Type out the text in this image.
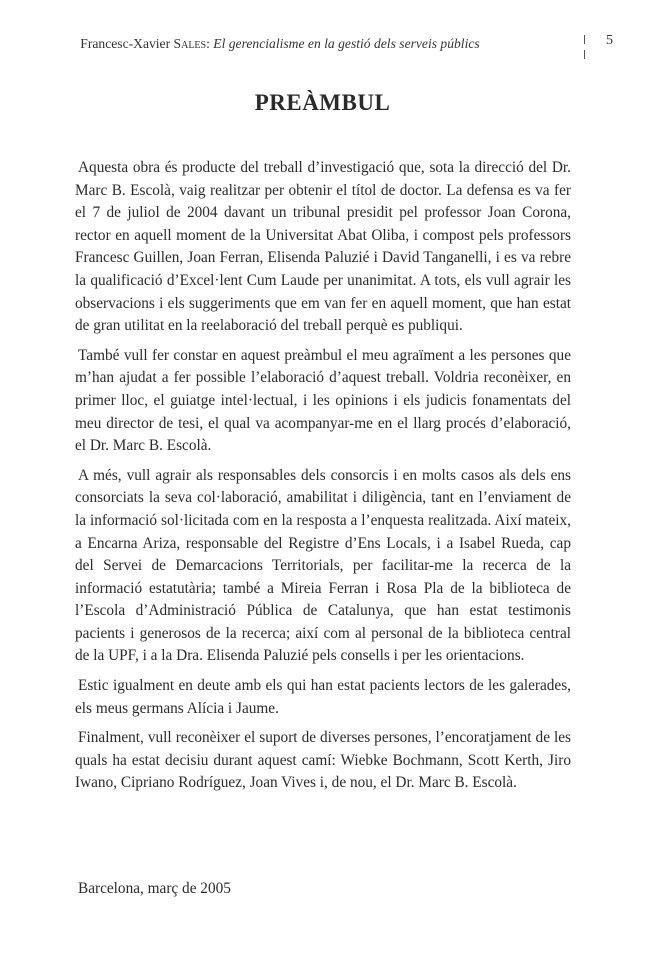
Francesc-Xavier Sales: El gerencialisme en la gestió dels serveis públics	5
PREÀMBUL

Aquesta obra és producte del treball d’investigació que, sota la direcció del Dr. Marc B. Escolà, vaig realitzar per obtenir el títol de doctor. La defensa es va fer el 7 de juliol de 2004 davant un tribunal presidit pel professor Joan Corona, rector en aquell moment de la Universitat Abat Oliba, i compost pels professors Francesc Guillen, Joan Ferran, Elisenda Paluzié i David Tanganelli, i es va rebre la qualificació d’Excel·lent Cum Laude per unanimitat. A tots, els vull agrair les observacions i els suggeriments que em van fer en aquell moment, que han estat de gran utilitat en la reelaboració del treball perquè es publiqui.

També vull fer constar en aquest preàmbul el meu agraïment a les persones que m’han ajudat a fer possible l’elaboració d’aquest treball. Voldria reconèixer, en primer lloc, el guiatge intel·lectual, i les opinions i els judicis fonamentats del meu director de tesi, el qual va acompanyar-me en el llarg procés d’elaboració, el Dr. Marc B. Escolà.

A més, vull agrair als responsables dels consorcis i en molts casos als dels ens consorciats la seva col·laboració, amabilitat i diligència, tant en l’enviament de la informació sol·licitada com en la resposta a l’enquesta realitzada. Així mateix, a Encarna Ariza, responsable del Registre d’Ens Locals, i a Isabel Rueda, cap del Servei de Demarcacions Territorials, per facilitar-me la recerca de la informació estatutària; també a Mireia Ferran i Rosa Pla de la biblioteca de l’Escola d’Administració Pública de Catalunya, que han estat testimonis pacients i generosos de la recerca; així com al personal de la biblioteca central de la UPF, i a la Dra. Elisenda Paluzié pels consells i per les orientacions.

Estic igualment en deute amb els qui han estat pacients lectors de les galerades, els meus germans Alícia i Jaume.

Finalment, vull reconèixer el suport de diverses persones, l’encoratjament de les quals ha estat decisiu durant aquest camí: Wiebke Bochmann, Scott Kerth, Jiro Iwano, Cipriano Rodríguez, Joan Vives i, de nou, el Dr. Marc B. Escolà.

Barcelona, març de 2005
